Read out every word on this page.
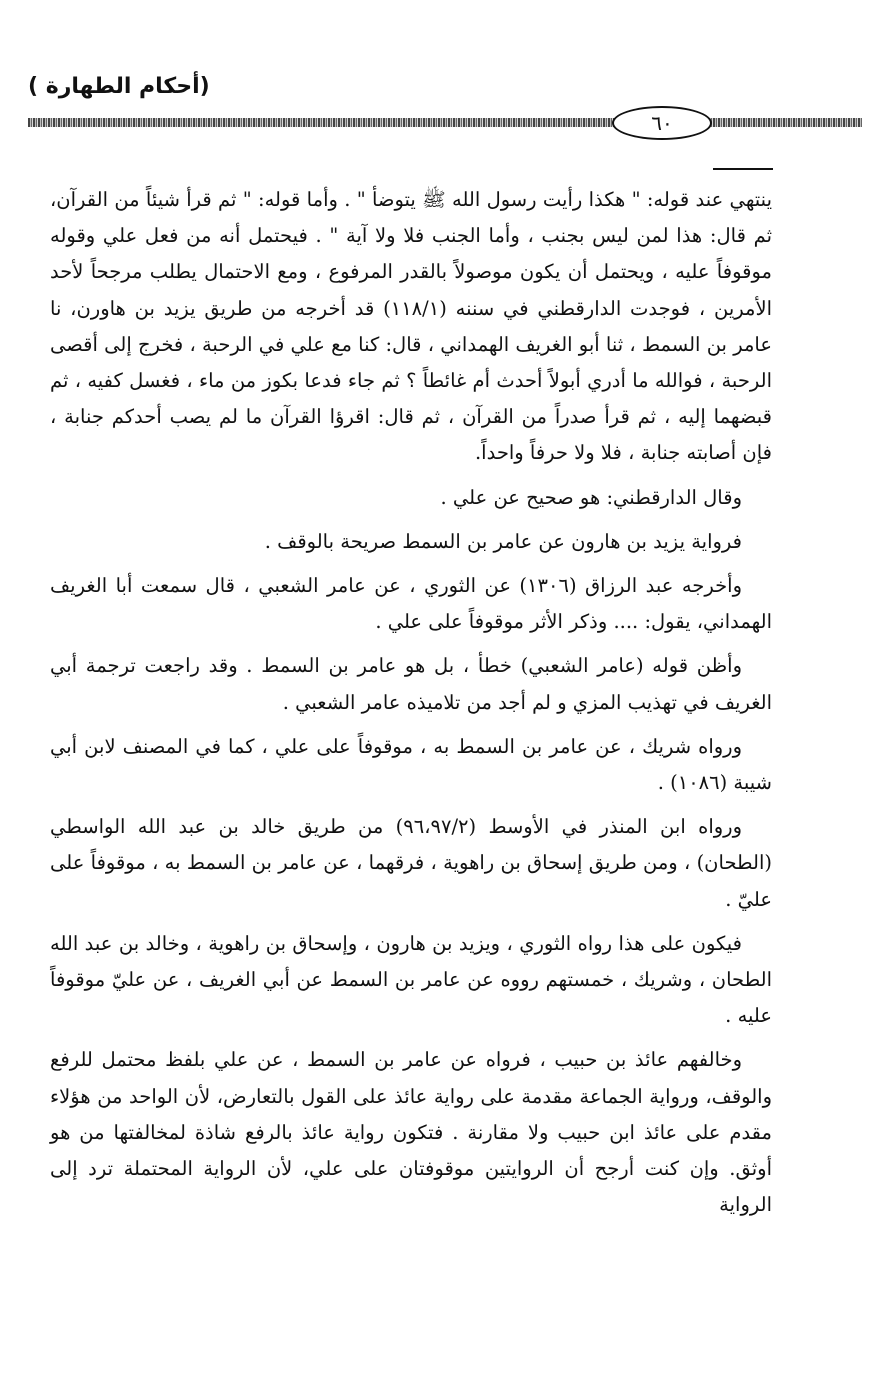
(أحكام الطهارة )
٦٠

ينتهي عند قوله: " هكذا رأيت رسول الله ﷺ يتوضأ " . وأما قوله: " ثم قرأ شيئاً من القرآن، ثم قال: هذا لمن ليس بجنب ، وأما الجنب فلا ولا آية " . فيحتمل أنه من فعل علي وقوله موقوفاً عليه ، ويحتمل أن يكون موصولاً بالقدر المرفوع ، ومع الاحتمال يطلب مرجحاً لأحد الأمرين ، فوجدت الدارقطني في سننه (١١٨/١) قد أخرجه من طريق يزيد بن هاورن، نا عامر بن السمط ، ثنا أبو الغريف الهمداني ، قال: كنا مع علي في الرحبة ، فخرج إلى أقصى الرحبة ، فوالله ما أدري أبولاً أحدث أم غائطاً ؟ ثم جاء فدعا بكوز من ماء ، فغسل كفيه ، ثم قبضهما إليه ، ثم قرأ صدراً من القرآن ، ثم قال: اقرؤا القرآن ما لم يصب أحدكم جنابة ، فإن أصابته جنابة ، فلا ولا حرفاً واحداً.

وقال الدارقطني: هو صحيح عن علي .

فرواية يزيد بن هارون عن عامر بن السمط صريحة بالوقف .

وأخرجه عبد الرزاق (١٣٠٦) عن الثوري ، عن عامر الشعبي ، قال سمعت أبا الغريف الهمداني، يقول: .... وذكر الأثر موقوفاً على علي .

وأظن قوله (عامر الشعبي) خطأ ، بل هو عامر بن السمط . وقد راجعت ترجمة أبي الغريف في تهذيب المزي و لم أجد من تلاميذه عامر الشعبي .

ورواه شريك ، عن عامر بن السمط به ، موقوفاً على علي ، كما في المصنف لابن أبي شيبة (١٠٨٦) .

ورواه ابن المنذر في الأوسط (٩٦،٩٧/٢) من طريق خالد بن عبد الله الواسطي (الطحان) ، ومن طريق إسحاق بن راهوية ، فرقهما ، عن عامر بن السمط به ، موقوفاً على عليّ .

فيكون على هذا رواه الثوري ، ويزيد بن هارون ، وإسحاق بن راهوية ، وخالد بن عبد الله الطحان ، وشريك ، خمستهم رووه عن عامر بن السمط عن أبي الغريف ، عن عليّ موقوفاً عليه .

وخالفهم عائذ بن حبيب ، فرواه عن عامر بن السمط ، عن علي بلفظ محتمل للرفع والوقف، ورواية الجماعة مقدمة على رواية عائذ على القول بالتعارض، لأن الواحد من هؤلاء مقدم على عائذ ابن حبيب ولا مقارنة . فتكون رواية عائذ بالرفع شاذة لمخالفتها من هو أوثق. وإن كنت أرجح أن الروايتين موقوفتان على علي، لأن الرواية المحتملة ترد إلى الرواية
